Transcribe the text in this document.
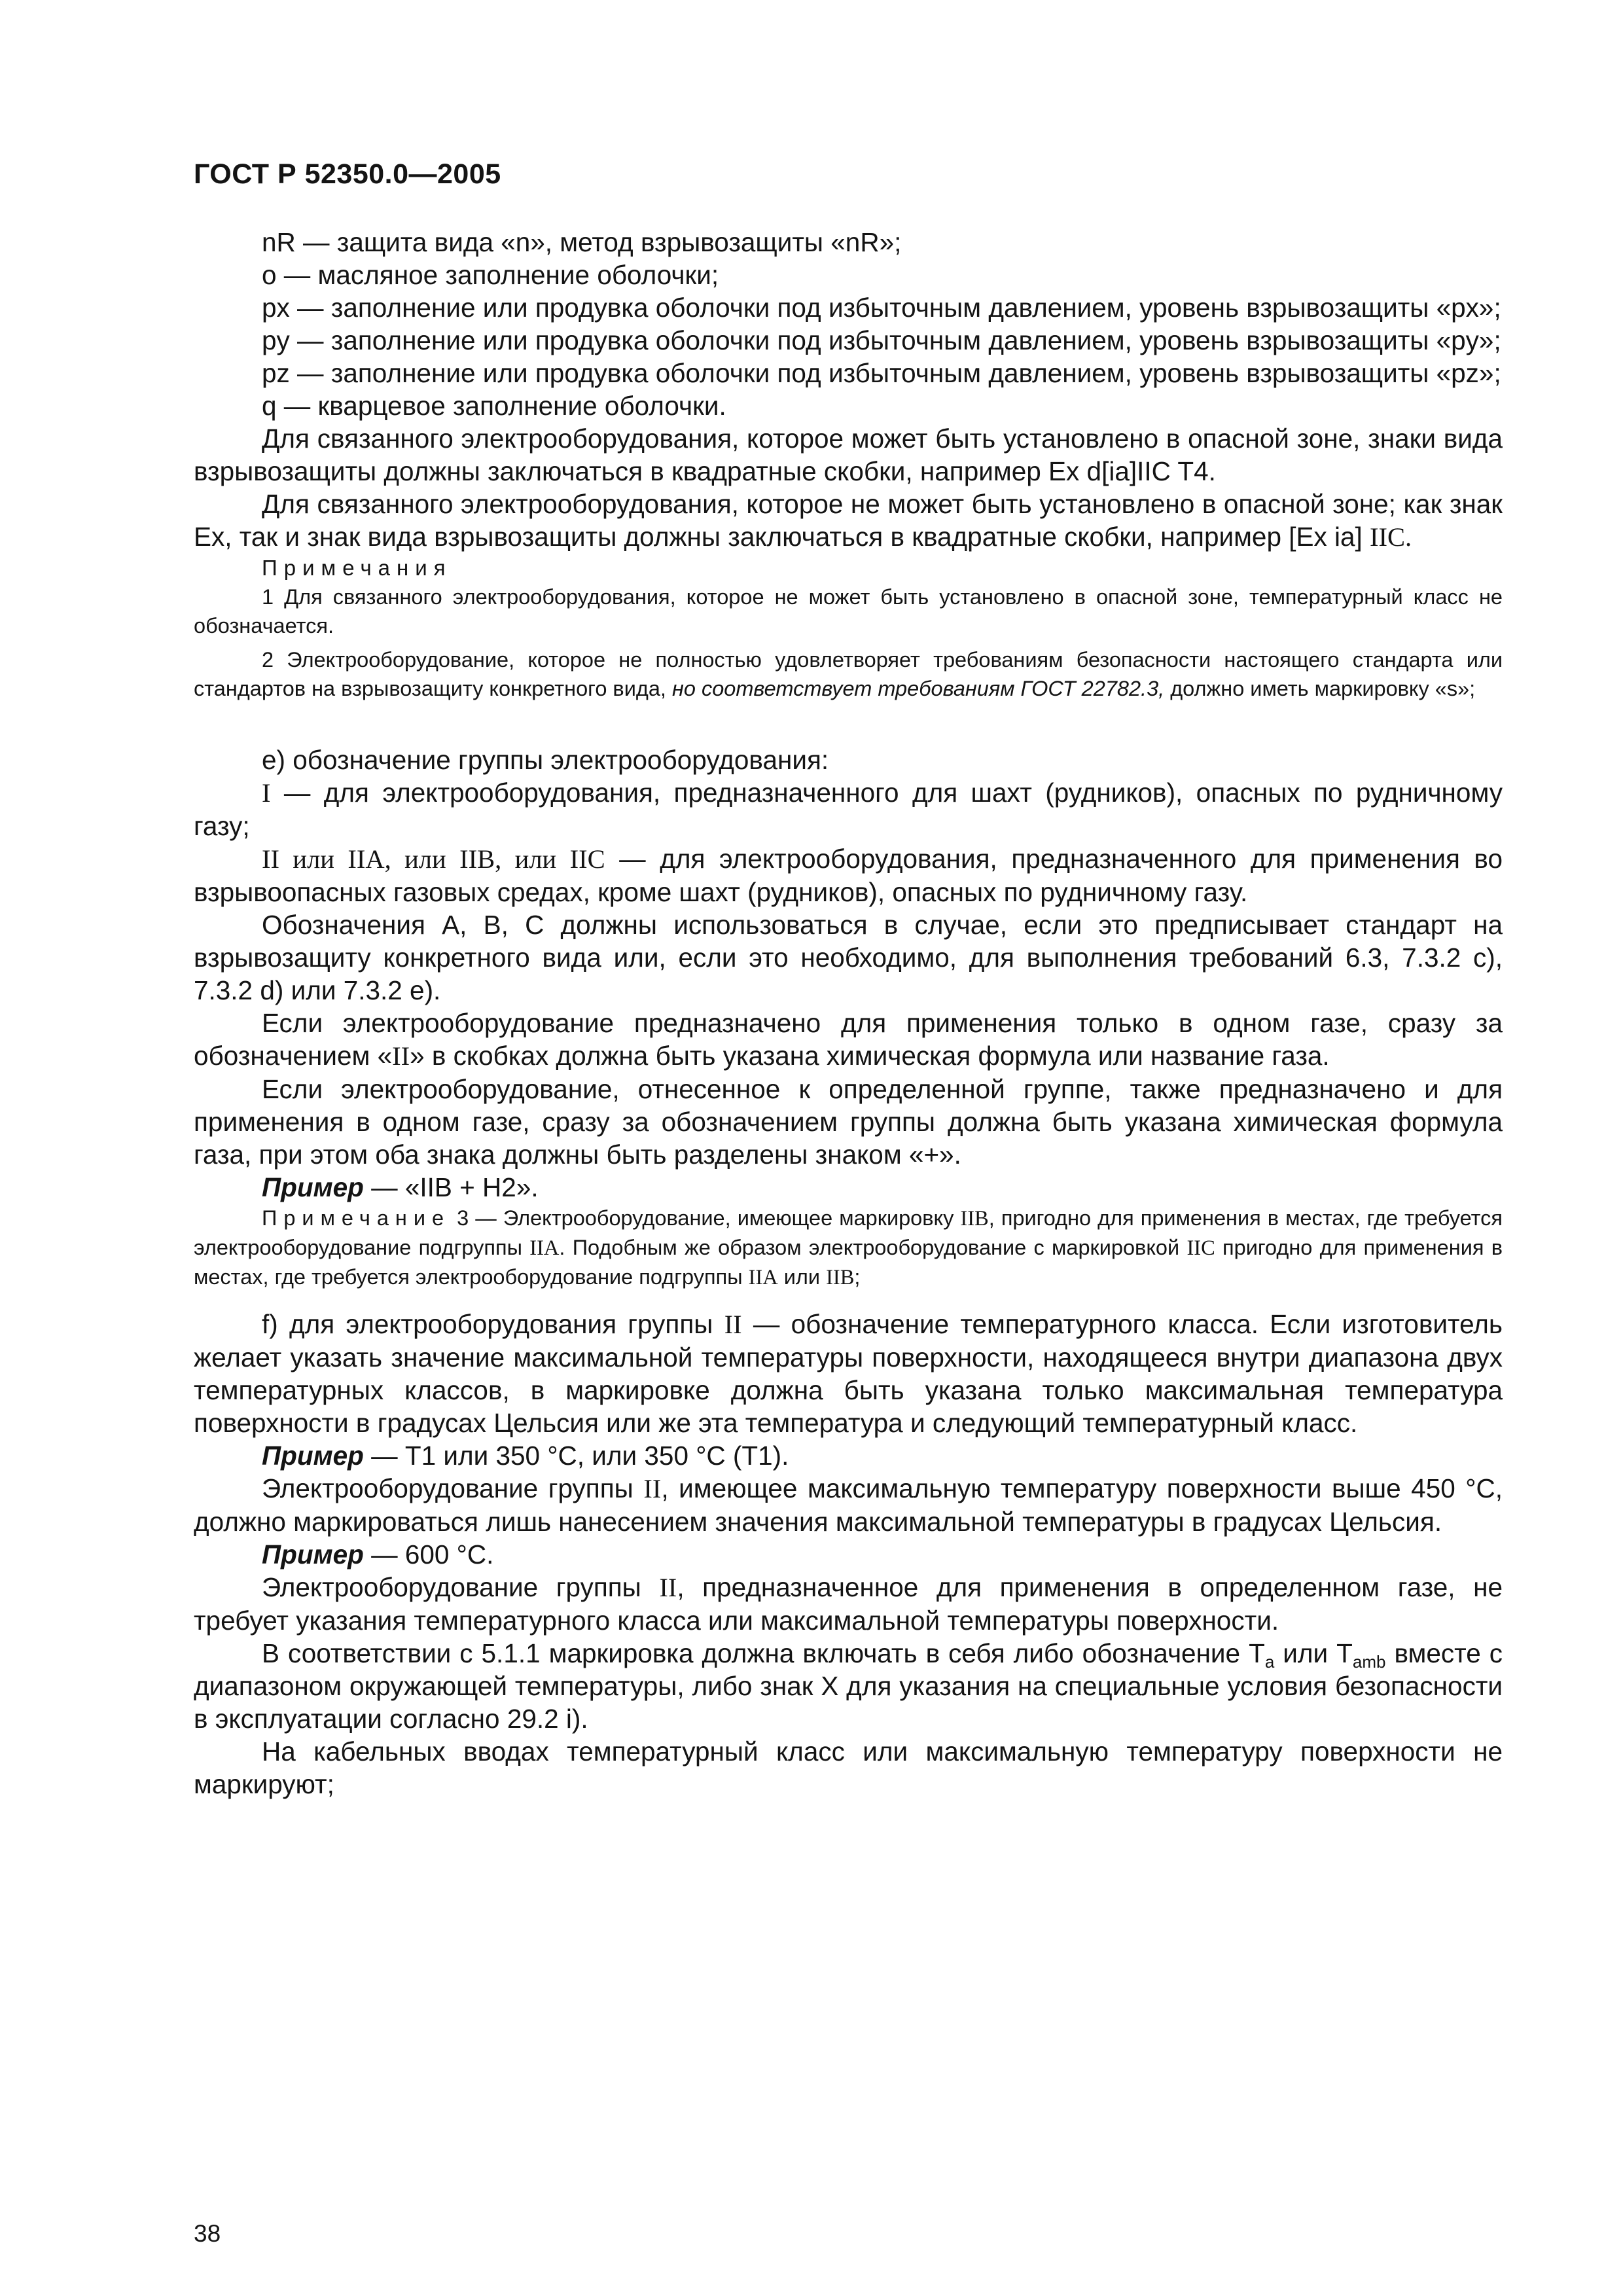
ГОСТ Р 52350.0—2005

nR — защита вида «n», метод взрывозащиты «nR»;

o — масляное заполнение оболочки;

px — заполнение или продувка оболочки под избыточным давлением, уровень взрывозащиты «px»;

py — заполнение или продувка оболочки под избыточным давлением, уровень взрывозащиты «py»;

pz — заполнение или продувка оболочки под избыточным давлением, уровень взрывозащиты «pz»;

q — кварцевое заполнение оболочки.

Для связанного электрооборудования, которое может быть установлено в опасной зоне, знаки вида взрывозащиты должны заключаться в квадратные скобки, например Ex d[ia]IIC T4.

Для связанного электрооборудования, которое не может быть установлено в опасной зоне; как знак Ex, так и знак вида взрывозащиты должны заключаться в квадратные скобки, например [Ex ia] IIC.

Примечания

1 Для связанного электрооборудования, которое не может быть установлено в опасной зоне, температурный класс не обозначается.

2 Электрооборудование, которое не полностью удовлетворяет требованиям безопасности настоящего стандарта или стандартов на взрывозащиту конкретного вида, но соответствует требованиям ГОСТ 22782.3, должно иметь маркировку «s»;

е) обозначение группы электрооборудования:

I — для электрооборудования, предназначенного для шахт (рудников), опасных по рудничному газу;

II или IIA, или IIB, или IIC — для электрооборудования, предназначенного для применения во взрывоопасных газовых средах, кроме шахт (рудников), опасных по рудничному газу.

Обозначения А, В, С должны использоваться в случае, если это предписывает стандарт на взрывозащиту конкретного вида или, если это необходимо, для выполнения требований 6.3, 7.3.2 с), 7.3.2 d) или 7.3.2 е).

Если электрооборудование предназначено для применения только в одном газе, сразу за обозначением «II» в скобках должна быть указана химическая формула или название газа.

Если электрооборудование, отнесенное к определенной группе, также предназначено и для применения в одном газе, сразу за обозначением группы должна быть указана химическая формула газа, при этом оба знака должны быть разделены знаком «+».

Пример — «IIB + H2».

Примечание 3 — Электрооборудование, имеющее маркировку IIB, пригодно для применения в местах, где требуется электрооборудование подгруппы IIA. Подобным же образом электрооборудование с маркировкой IIC пригодно для применения в местах, где требуется электрооборудование подгруппы IIA или IIB;

f) для электрооборудования группы II — обозначение температурного класса. Если изготовитель желает указать значение максимальной температуры поверхности, находящееся внутри диапазона двух температурных классов, в маркировке должна быть указана только максимальная температура поверхности в градусах Цельсия или же эта температура и следующий температурный класс.

Пример — Т1 или 350 °С, или 350 °С (Т1).

Электрооборудование группы II, имеющее максимальную температуру поверхности выше 450 °С, должно маркироваться лишь нанесением значения максимальной температуры в градусах Цельсия.

Пример — 600 °С.

Электрооборудование группы II, предназначенное для применения в определенном газе, не требует указания температурного класса или максимальной температуры поверхности.

В соответствии с 5.1.1 маркировка должна включать в себя либо обозначение $Т_a$ или $Т_{amb}$ вместе с диапазоном окружающей температуры, либо знак X для указания на специальные условия безопасности в эксплуатации согласно 29.2 i).

На кабельных вводах температурный класс или максимальную температуру поверхности не маркируют;

38
